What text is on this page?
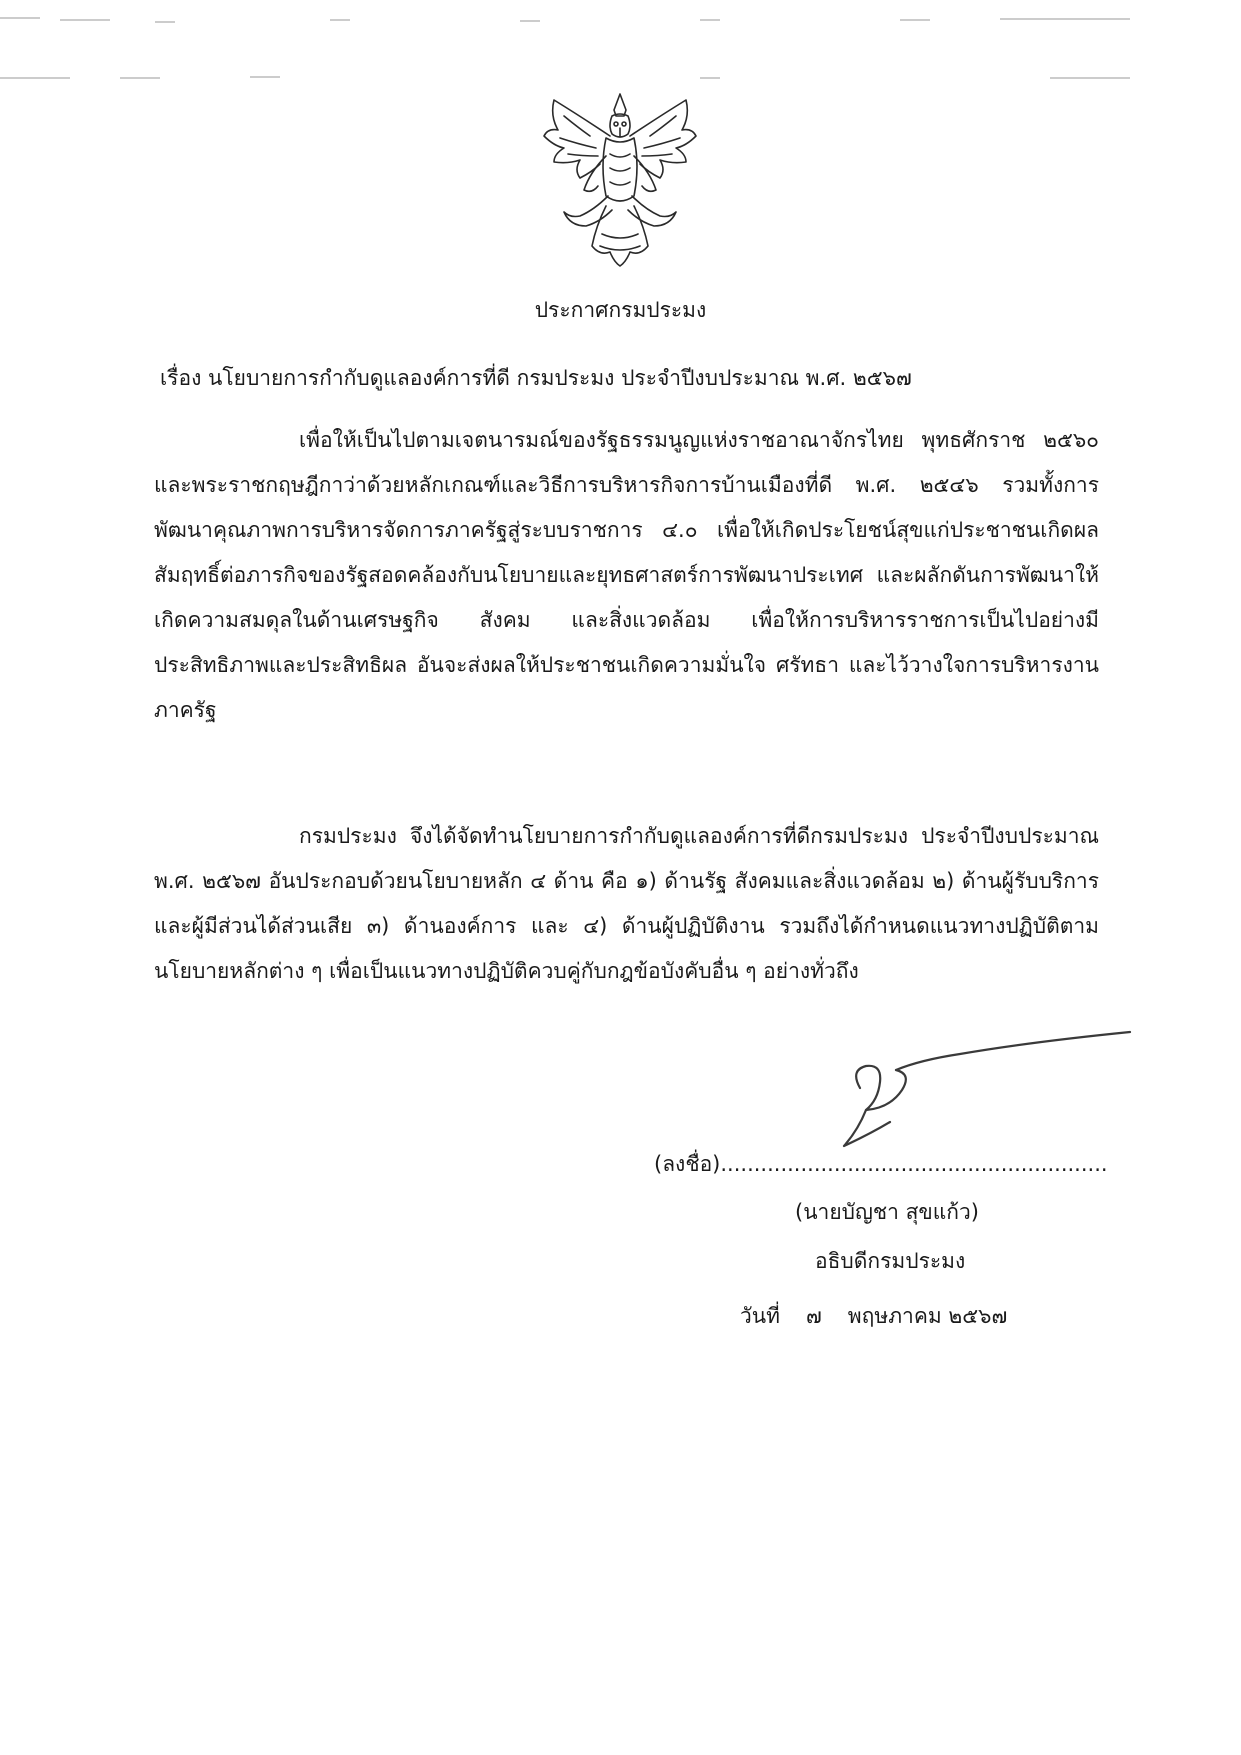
ประกาศกรมประมง
เรื่อง นโยบายการกำกับดูแลองค์การที่ดี กรมประมง ประจำปีงบประมาณ พ.ศ. ๒๕๖๗

เพื่อให้เป็นไปตามเจตนารมณ์ของรัฐธรรมนูญแห่งราชอาณาจักรไทย พุทธศักราช ๒๕๖๐ และพระราชกฤษฎีกาว่าด้วยหลักเกณฑ์และวิธีการบริหารกิจการบ้านเมืองที่ดี พ.ศ. ๒๕๔๖ รวมทั้งการพัฒนาคุณภาพการบริหารจัดการภาครัฐสู่ระบบราชการ ๔.๐ เพื่อให้เกิดประโยชน์สุขแก่ประชาชนเกิดผลสัมฤทธิ์ต่อภารกิจของรัฐสอดคล้องกับนโยบายและยุทธศาสตร์การพัฒนาประเทศ และผลักดันการพัฒนาให้เกิดความสมดุลในด้านเศรษฐกิจ สังคม และสิ่งแวดล้อม เพื่อให้การบริหารราชการเป็นไปอย่างมีประสิทธิภาพและประสิทธิผล อันจะส่งผลให้ประชาชนเกิดความมั่นใจ ศรัทธา และไว้วางใจการบริหารงานภาครัฐ

กรมประมง จึงได้จัดทำนโยบายการกำกับดูแลองค์การที่ดีกรมประมง ประจำปีงบประมาณ พ.ศ. ๒๕๖๗ อันประกอบด้วยนโยบายหลัก ๔ ด้าน คือ ๑) ด้านรัฐ สังคมและสิ่งแวดล้อม ๒) ด้านผู้รับบริการและผู้มีส่วนได้ส่วนเสีย ๓) ด้านองค์การ และ ๔) ด้านผู้ปฏิบัติงาน รวมถึงได้กำหนดแนวทางปฏิบัติตามนโยบายหลักต่าง ๆ เพื่อเป็นแนวทางปฏิบัติควบคู่กับกฎข้อบังคับอื่น ๆ อย่างทั่วถึง

(ลงชื่อ)..........................................................
(นายบัญชา สุขแก้ว)
อธิบดีกรมประมง
วันที่ ๗ พฤษภาคม ๒๕๖๗
